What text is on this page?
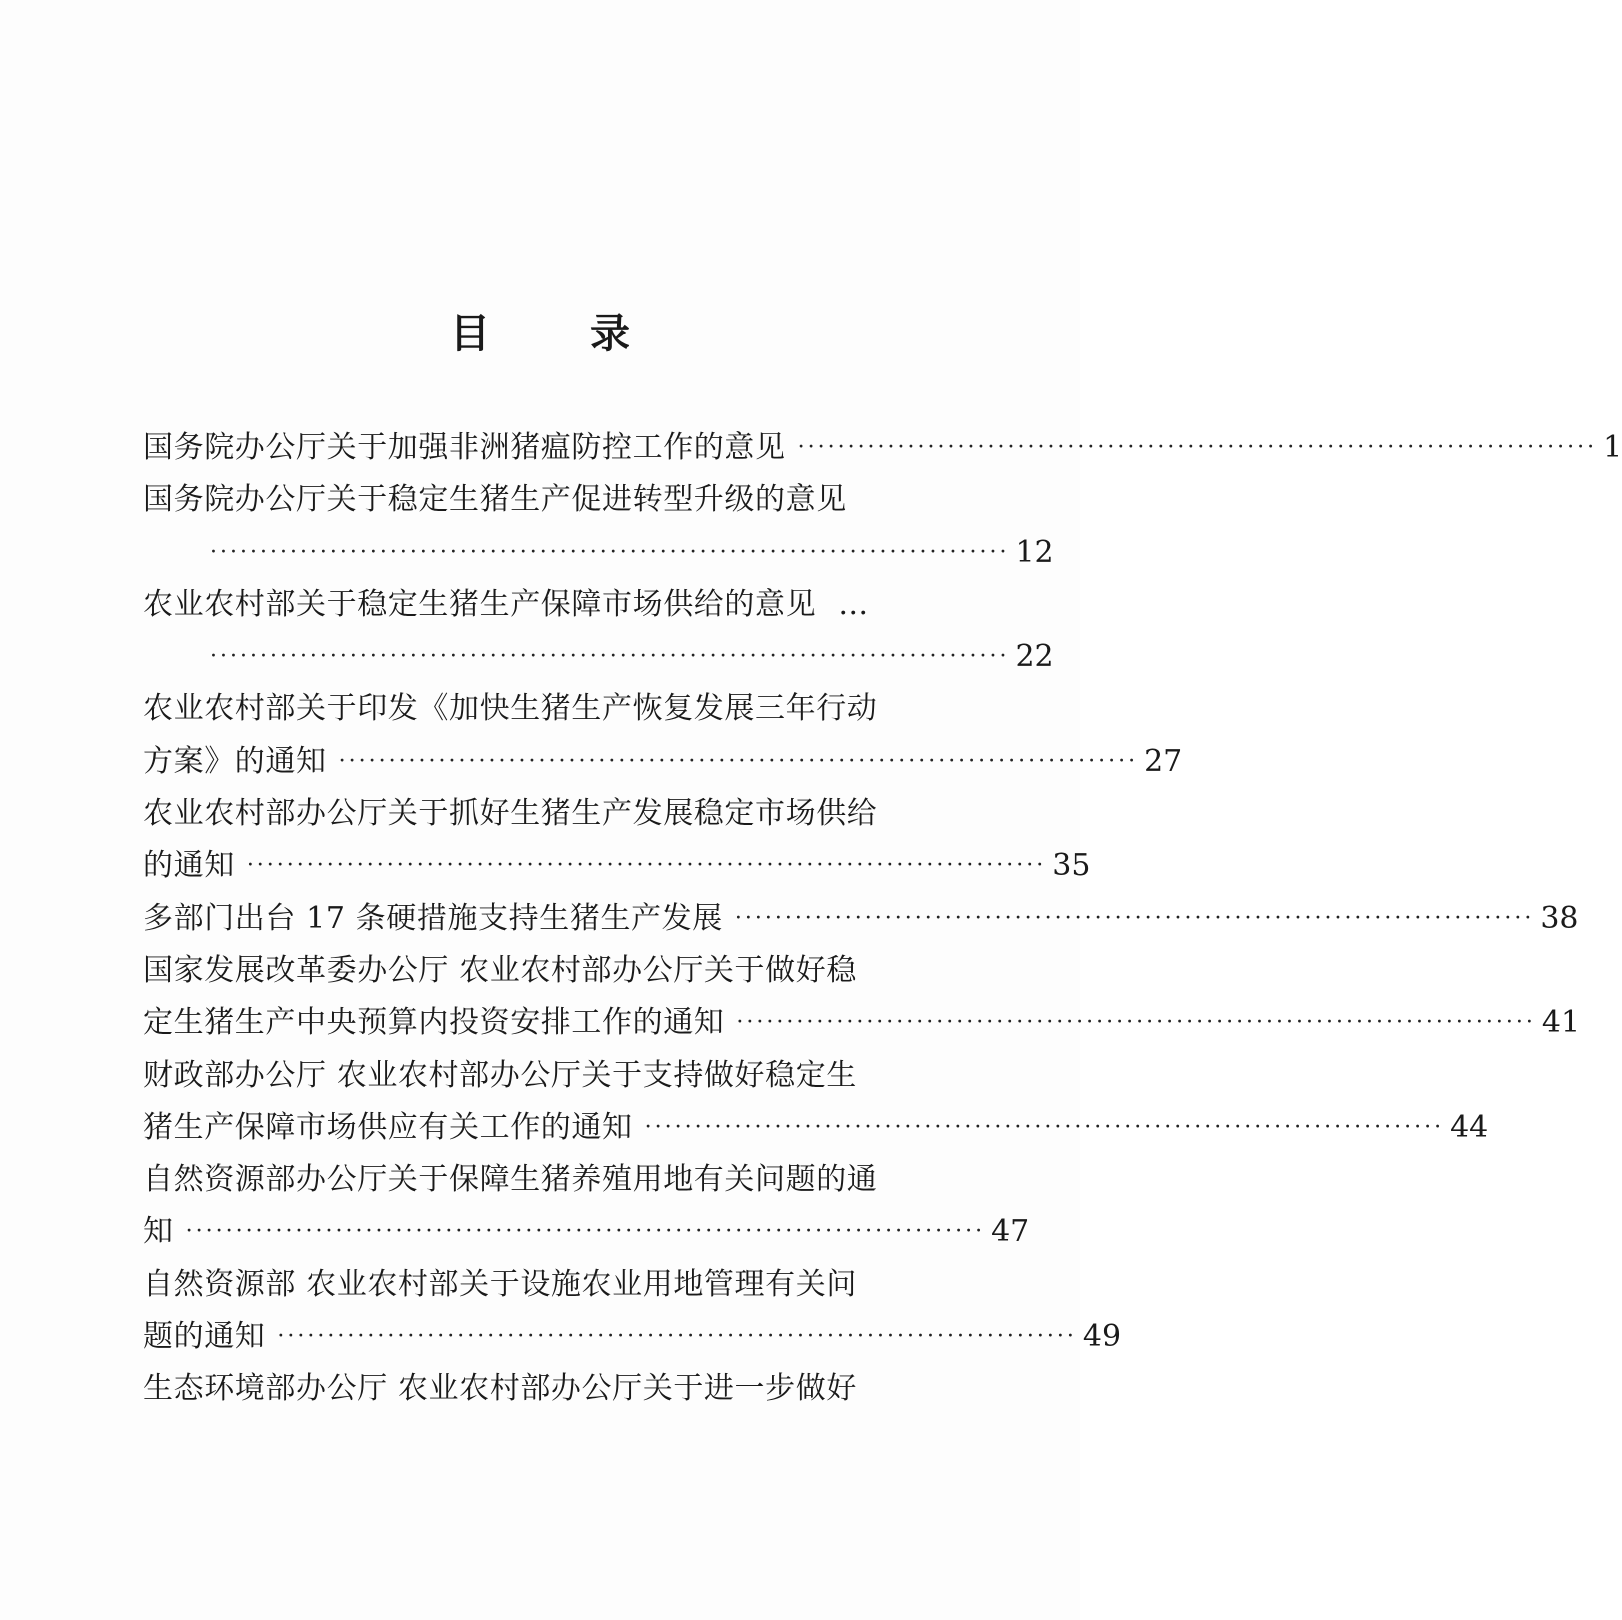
目	录
国务院办公厅关于加强非洲猪瘟防控工作的意见 ················································································ 1
国务院办公厅关于稳定生猪生产促进转型升级的意见
················································································ 12
农业农村部关于稳定生猪生产保障市场供给的意见 …
················································································ 22
农业农村部关于印发《加快生猪生产恢复发展三年行动
方案》的通知 ················································································ 27
农业农村部办公厅关于抓好生猪生产发展稳定市场供给
的通知 ················································································ 35
多部门出台 17 条硬措施支持生猪生产发展 ················································································ 38
国家发展改革委办公厅 农业农村部办公厅关于做好稳
定生猪生产中央预算内投资安排工作的通知 ················································································ 41
财政部办公厅 农业农村部办公厅关于支持做好稳定生
猪生产保障市场供应有关工作的通知 ················································································ 44
自然资源部办公厅关于保障生猪养殖用地有关问题的通
知 ················································································ 47
自然资源部 农业农村部关于设施农业用地管理有关问
题的通知 ················································································ 49
生态环境部办公厅 农业农村部办公厅关于进一步做好
